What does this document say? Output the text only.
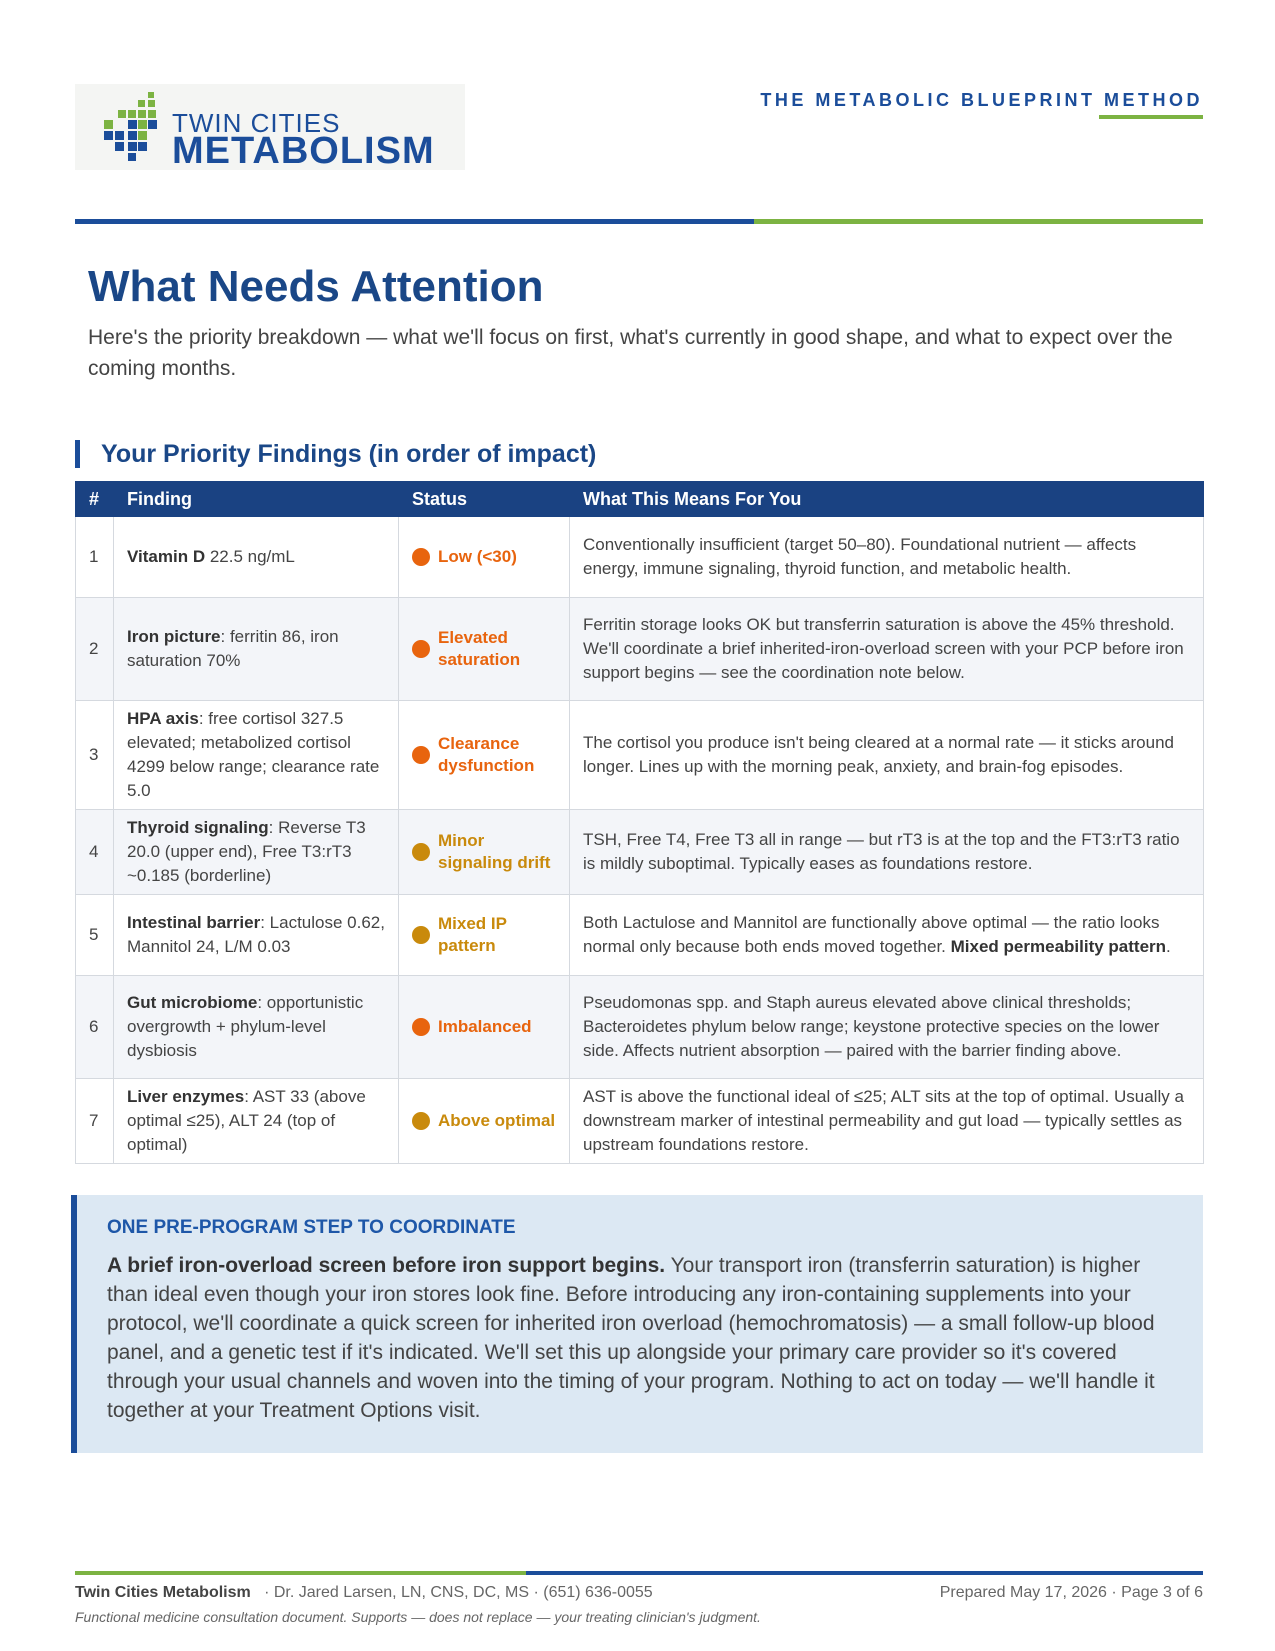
TWIN CITIES
METABOLISM
THE METABOLIC BLUEPRINT METHOD
What Needs Attention

Here's the priority breakdown — what we'll focus on first, what's currently in good shape, and what to expect over the coming months.

Your Priority Findings (in order of impact)
#	Finding	Status	What This Means For You
1	Vitamin D 22.5 ng/mL	Low (<30)	Conventionally insufficient (target 50–80). Foundational nutrient — affects energy, immune signaling, thyroid function, and metabolic health.
2	Iron picture: ferritin 86, iron saturation 70%	Elevated saturation	Ferritin storage looks OK but transferrin saturation is above the 45% threshold. We'll coordinate a brief inherited-iron-overload screen with your PCP before iron support begins — see the coordination note below.
3	HPA axis: free cortisol 327.5 elevated; metabolized cortisol 4299 below range; clearance rate 5.0	Clearance dysfunction	The cortisol you produce isn't being cleared at a normal rate — it sticks around longer. Lines up with the morning peak, anxiety, and brain-fog episodes.
4	Thyroid signaling: Reverse T3 20.0 (upper end), Free T3:rT3 ~0.185 (borderline)	Minor signaling drift	TSH, Free T4, Free T3 all in range — but rT3 is at the top and the FT3:rT3 ratio is mildly suboptimal. Typically eases as foundations restore.
5	Intestinal barrier: Lactulose 0.62, Mannitol 24, L/M 0.03	Mixed IP pattern	Both Lactulose and Mannitol are functionally above optimal — the ratio looks normal only because both ends moved together. Mixed permeability pattern.
6	Gut microbiome: opportunistic overgrowth + phylum-level dysbiosis	Imbalanced	Pseudomonas spp. and Staph aureus elevated above clinical thresholds; Bacteroidetes phylum below range; keystone protective species on the lower side. Affects nutrient absorption — paired with the barrier finding above.
7	Liver enzymes: AST 33 (above optimal ≤25), ALT 24 (top of optimal)	Above optimal	AST is above the functional ideal of ≤25; ALT sits at the top of optimal. Usually a downstream marker of intestinal permeability and gut load — typically settles as upstream foundations restore.
ONE PRE-PROGRAM STEP TO COORDINATE

A brief iron-overload screen before iron support begins. Your transport iron (transferrin saturation) is higher than ideal even though your iron stores look fine. Before introducing any iron-containing supplements into your protocol, we'll coordinate a quick screen for inherited iron overload (hemochromatosis) — a small follow-up blood panel, and a genetic test if it's indicated. We'll set this up alongside your primary care provider so it's covered through your usual channels and woven into the timing of your program. Nothing to act on today — we'll handle it together at your Treatment Options visit.

Twin Cities Metabolism · Dr. Jared Larsen, LN, CNS, DC, MS · (651) 636-0055	Prepared May 17, 2026 · Page 3 of 6
Functional medicine consultation document. Supports — does not replace — your treating clinician's judgment.
